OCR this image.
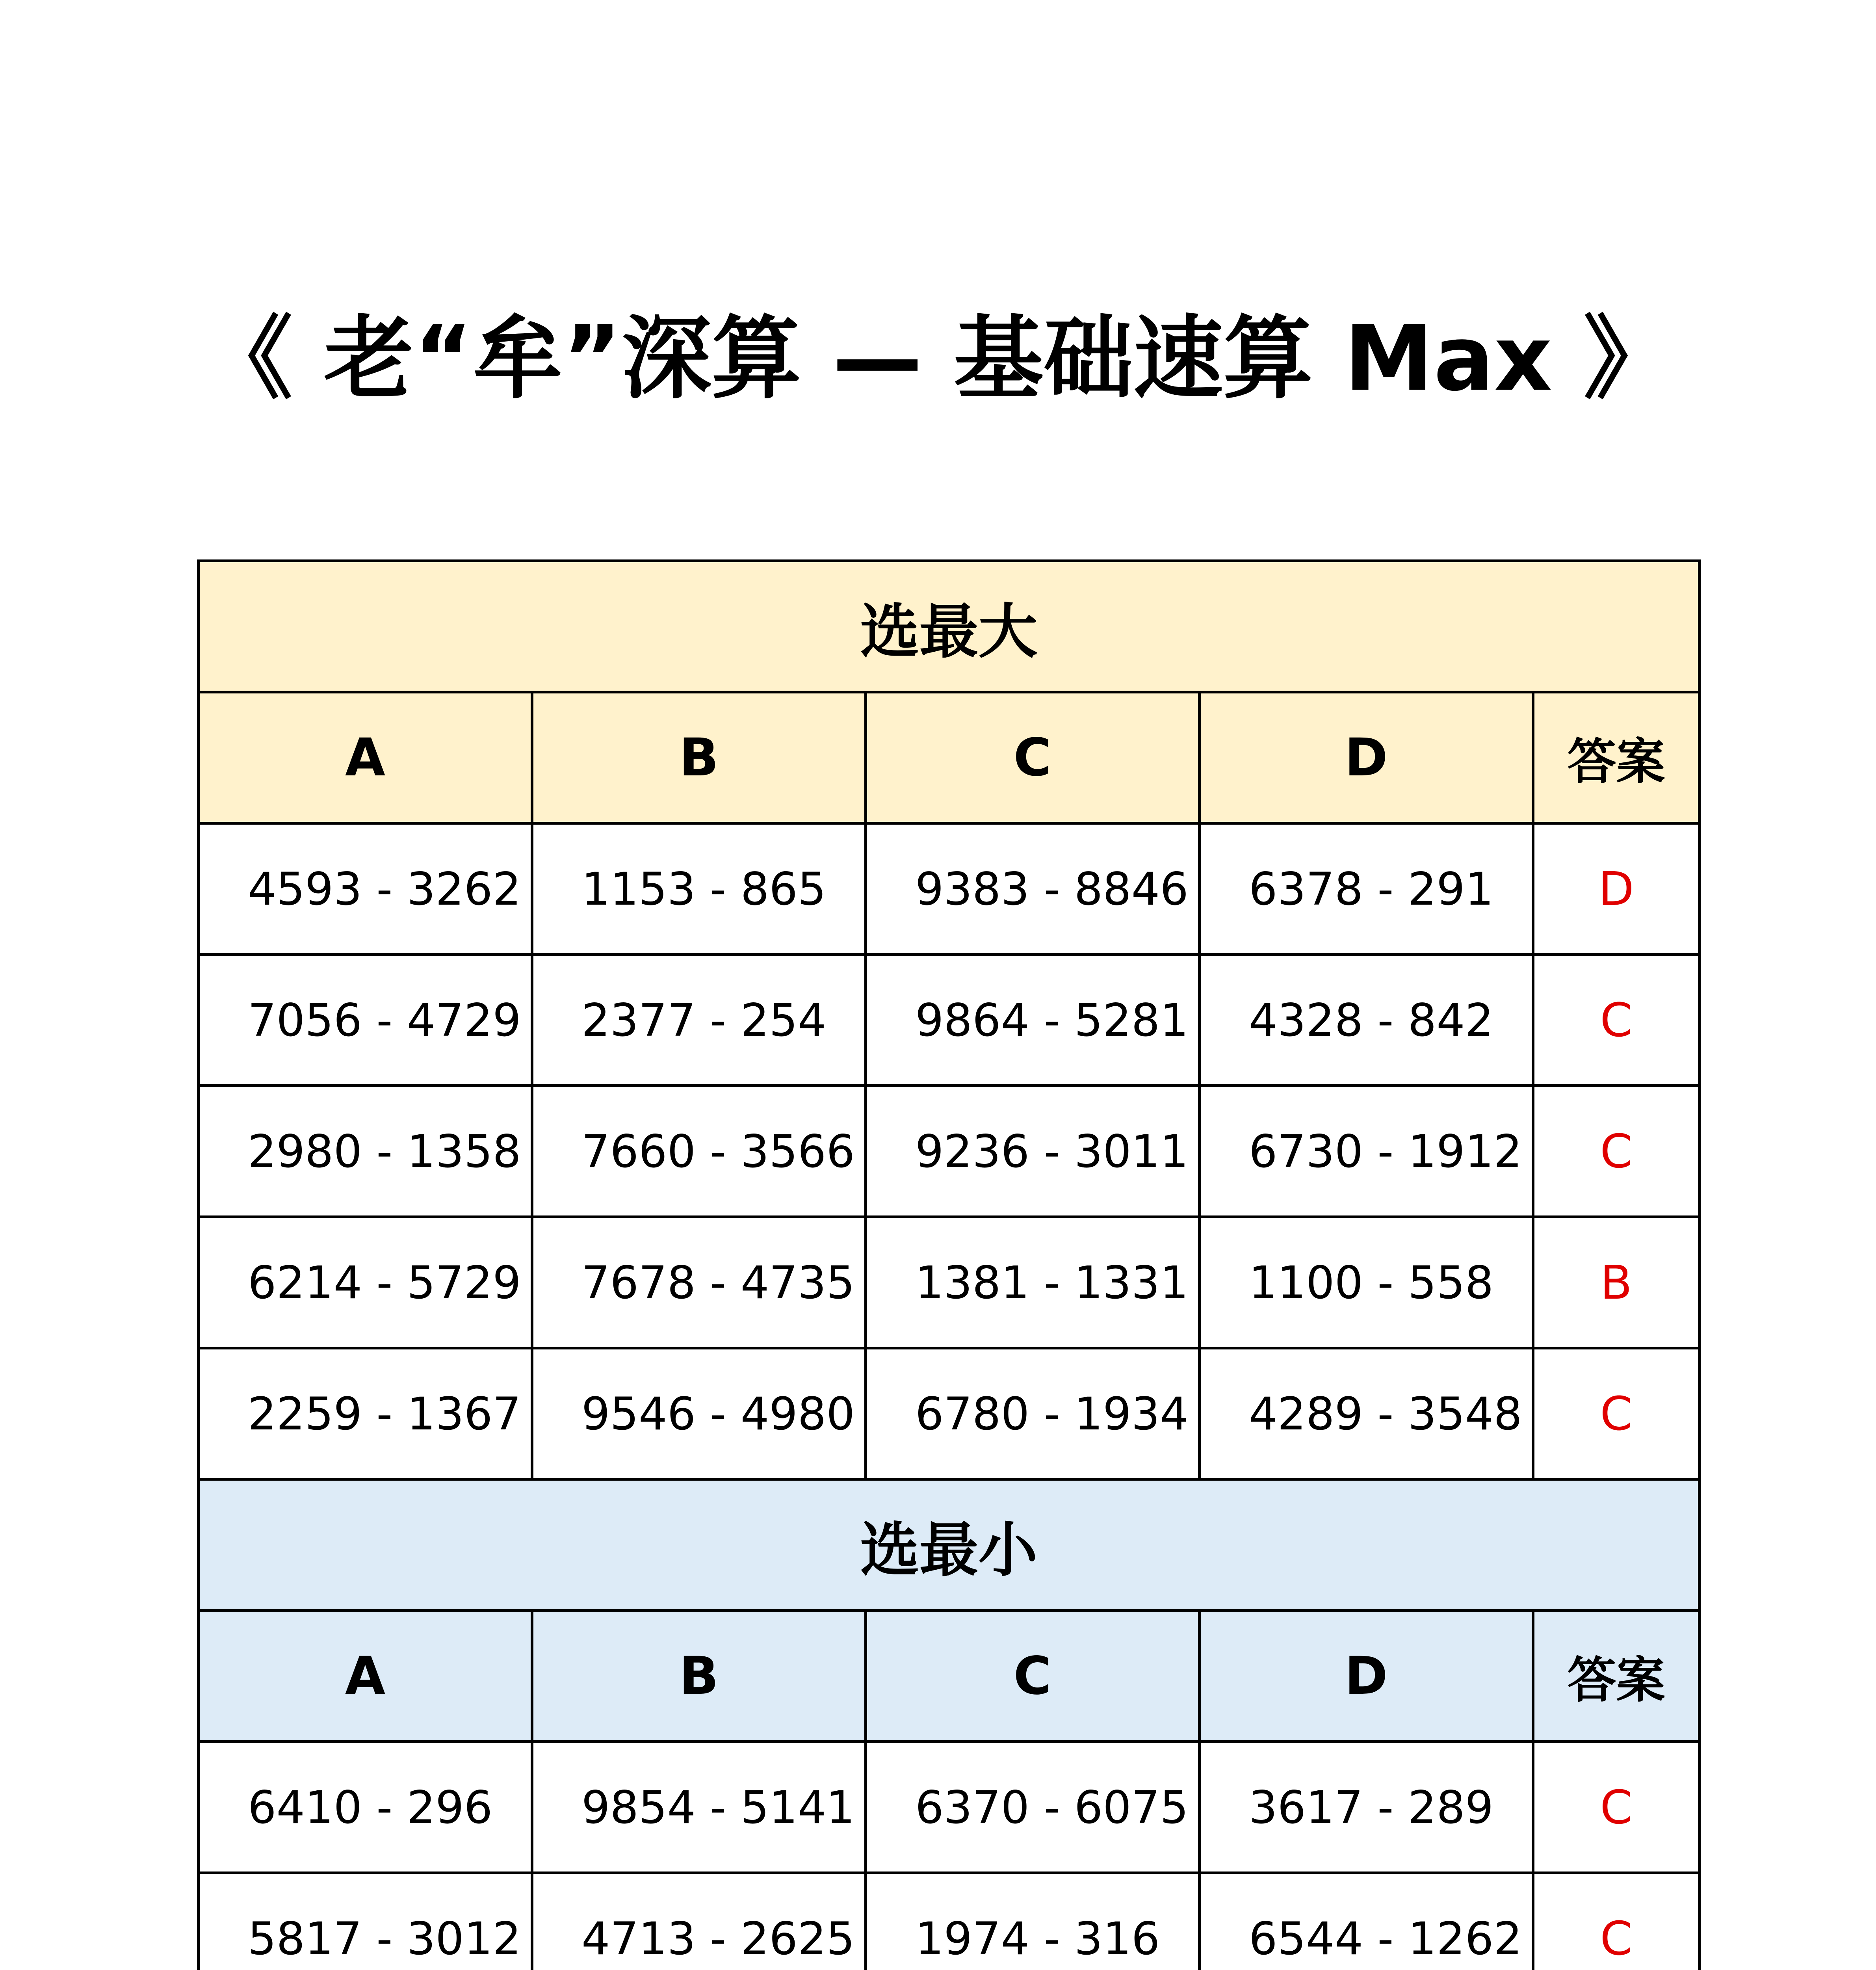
《 老“牟”深算 — 基础速算 Max 》
选最大				
A	B	C	D	答案
4593 - 3262	1153 - 865	9383 - 8846	6378 - 291	D
7056 - 4729	2377 - 254	9864 - 5281	4328 - 842	C
2980 - 1358	7660 - 3566	9236 - 3011	6730 - 1912	C
6214 - 5729	7678 - 4735	1381 - 1331	1100 - 558	B
2259 - 1367	9546 - 4980	6780 - 1934	4289 - 3548	C
选最小				
A	B	C	D	答案
6410 - 296	9854 - 5141	6370 - 6075	3617 - 289	C
5817 - 3012	4713 - 2625	1974 - 316	6544 - 1262	C
